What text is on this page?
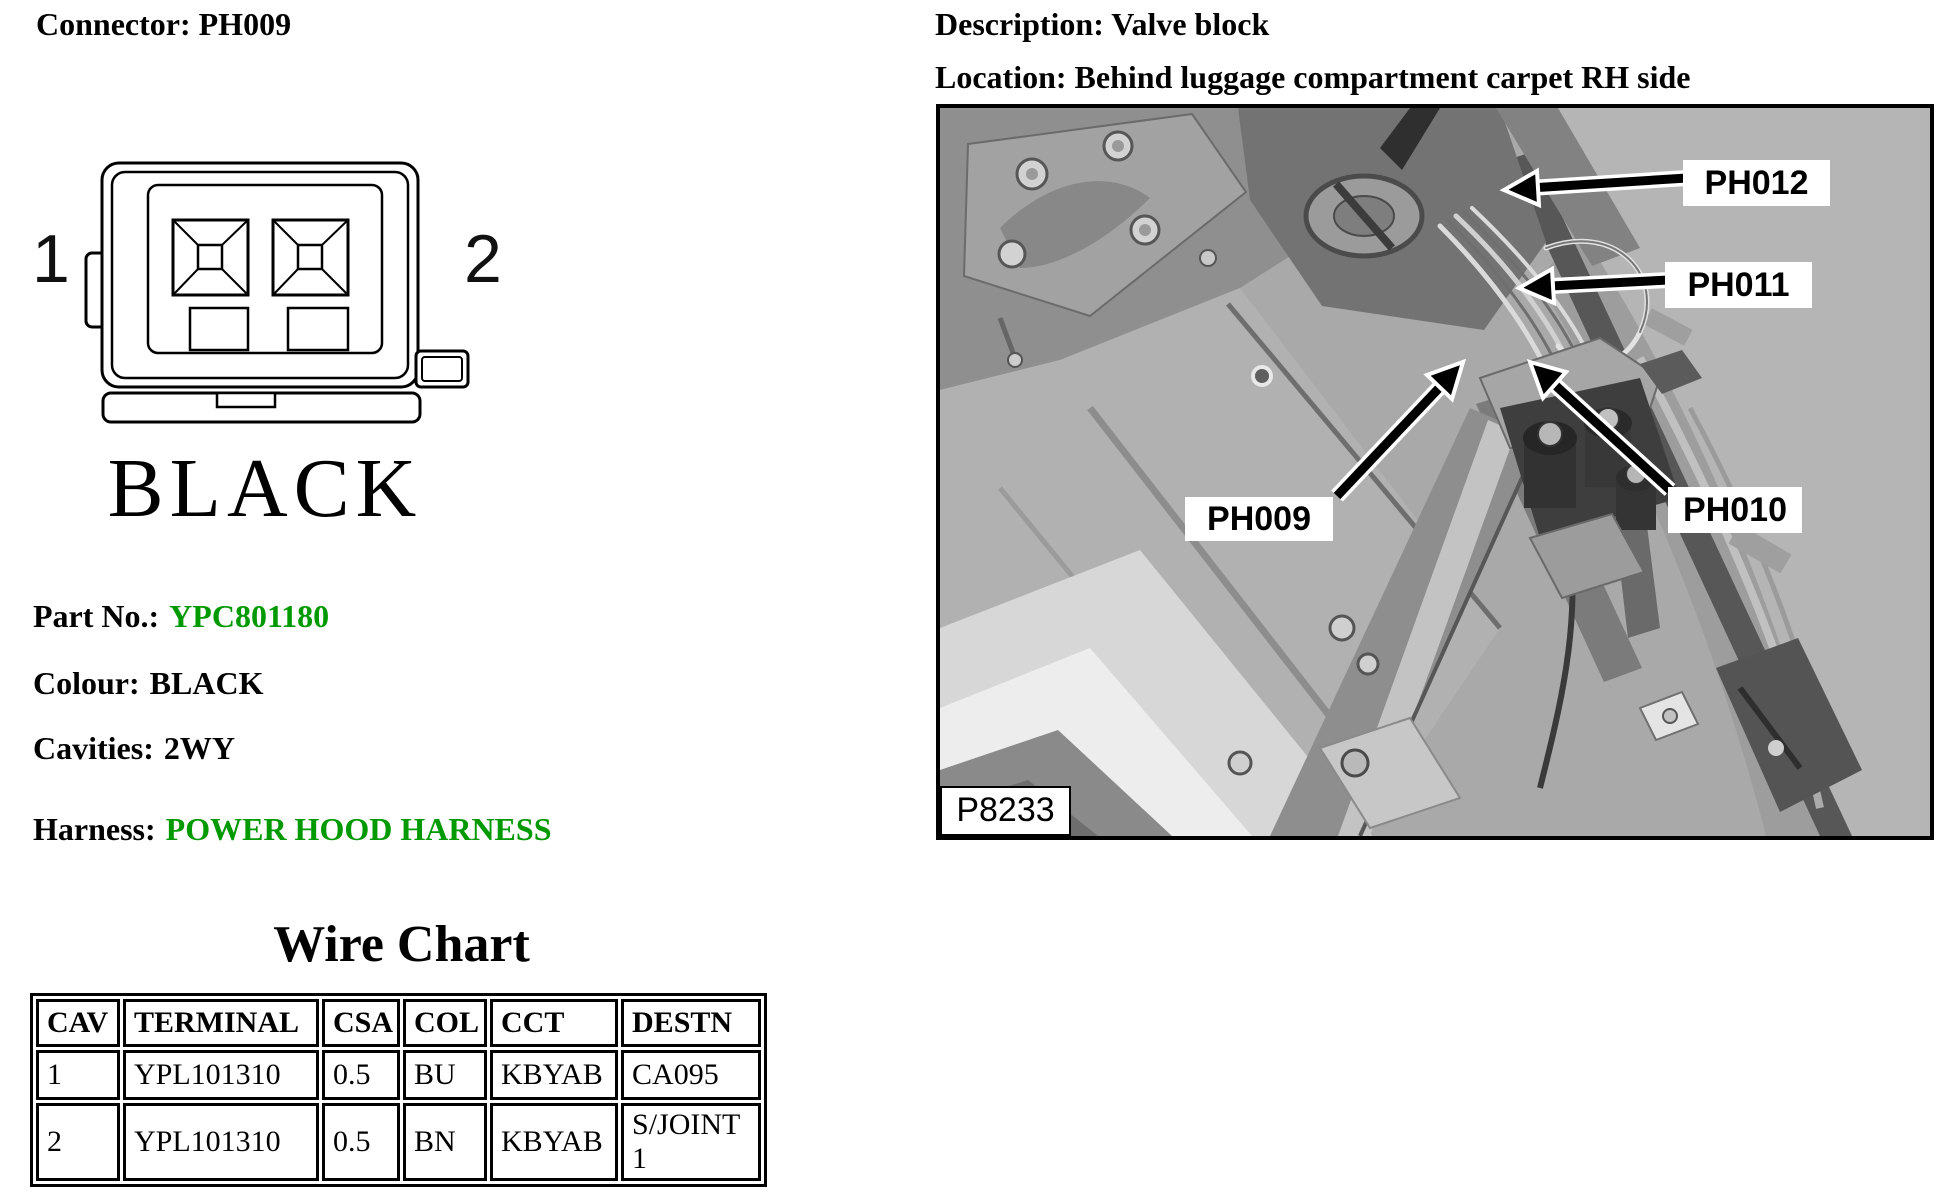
Connector: PH009	Description: Valve block
Location: Behind luggage compartment carpet RH side
1	2
BLACK
Part No.: YPC801180
Colour: BLACK
Cavities: 2WY
Harness: POWER HOOD HARNESS
Wire Chart
CAV	TERMINAL	CSA	COL	CCT	DESTN
1	YPL101310	0.5	BU	KBYAB	CA095
2	YPL101310	0.5	BN	KBYAB	S/JOINT 1
PH012
PH011
PH010
PH009
P8233
